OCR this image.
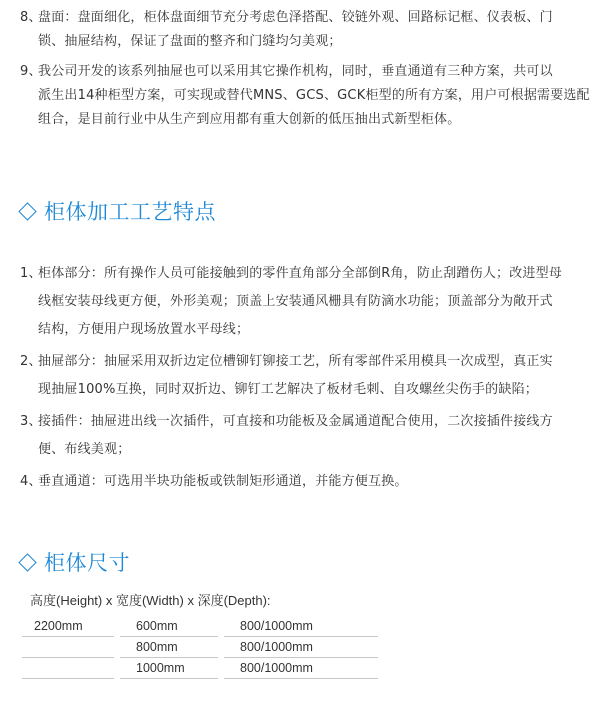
8、盘面：盘面细化，柜体盘面细节充分考虑色泽搭配、铰链外观、回路标记框、仪表板、门
锁、抽屉结构，保证了盘面的整齐和门缝均匀美观；
9、我公司开发的该系列抽屉也可以采用其它操作机构，同时，垂直通道有三种方案，共可以
派生出14种柜型方案，可实现或替代MNS、GCS、GCK柜型的所有方案，用户可根据需要选配
组合，是目前行业中从生产到应用都有重大创新的低压抽出式新型柜体。
柜体加工工艺特点
1、柜体部分：所有操作人员可能接触到的零件直角部分全部倒R角，防止刮蹭伤人；改进型母
线框安装母线更方便，外形美观；顶盖上安装通风栅具有防滴水功能；顶盖部分为敞开式
结构，方便用户现场放置水平母线；
2、抽屉部分：抽屉采用双折边定位槽铆钉铆接工艺，所有零部件采用模具一次成型，真正实
现抽屉100%互换，同时双折边、铆钉工艺解决了板材毛刺、自攻螺丝尖伤手的缺陷；
3、接插件：抽屉进出线一次插件，可直接和功能板及金属通道配合使用，二次接插件接线方
便、布线美观；
4、垂直通道：可选用半块功能板或铁制矩形通道，并能方便互换。
柜体尺寸
高度(Height) x 宽度(Width) x 深度(Depth):
2200mm		600mm		800/1000mm
		800mm		800/1000mm
		1000mm		800/1000mm
